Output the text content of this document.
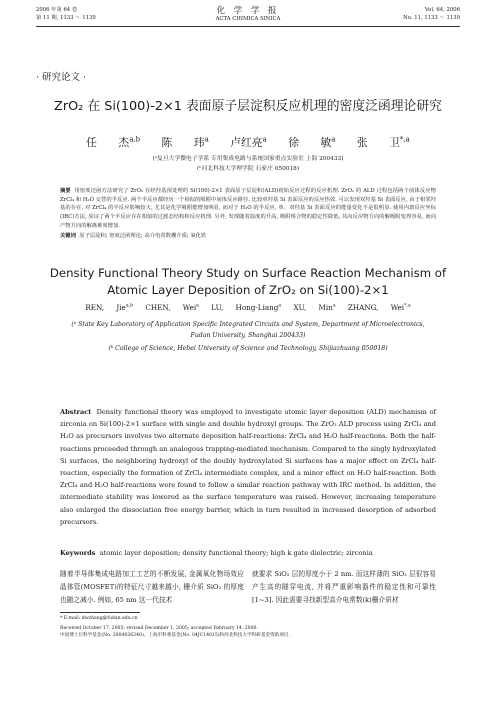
2006 年第 64 卷
第 11 期, 1133 ～ 1139
化 学 学 报
ACTA CHIMICA SINICA
Vol. 64, 2006
No. 11, 1133 ～ 1139
· 研究论文 ·
ZrO₂ 在 Si(100)-2×1 表面原子层淀积反应机理的密度泛函理论研究
任 杰$^{a,b}$ 陈 玮$^a$ 卢红亮$^a$ 徐 敏$^a$ 张 卫$^{*,a}$
(ᵃ复旦大学微电子学系 专用集成电路与系统国家重点实验室 上海 200433)
(ᵇ河北科技大学理学院 石家庄 050018)
摘要 用密度泛函方法研究了 ZrO₂ 在经羟基预处理的 Si(100)-2×1 表面原子层淀积(ALD)初始反应过程的反应机理. ZrO₂ 的 ALD 过程包括两个前体反应物 ZrCl₄ 和 H₂O 交替的半反应. 两个半反应都经历一个相似的吸附中间体反应路径. 比较单羟基 Si 表面反应的反应热效. 可以发现双羟基 Si 表面反应, 由于相邻羟基的存在, 对 ZrCl₄ 的半反应影响较大, 尤其是化学吸附能增加明显, 而对于 H₂O 的半反应, 单、双羟基 Si 表面反应的能量变化不是很明显. 使用内禀反应坐标(IRC)方法, 验证了两个半反应存在相似的过渡态结构和反应机理. 另外, 发现随着温度的升高, 吸附络合物的稳定性降低, 其向反应物方向的解吸附变得容易, 而向产物方向的解离难度增加.
关键词 原子层淀积; 密度泛函理论; 高介电常数栅介质; 氧化锆
Density Functional Theory Study on Surface Reaction Mechanism of
Atomic Layer Deposition of ZrO₂ on Si(100)-2×1
REN, Jie$^{a,b}$ CHEN, Wei$^a$ LU, Hong-Liang$^a$ XU, Min$^a$ ZHANG, Wei$^{*,a}$
(ᵃ State Key Laboratory of Application Specific Integrated Circuits and System, Department of Microelectronics,
Fudan University, Shanghai 200433)
(ᵇ College of Science, Hebei University of Science and Technology, Shijiazhuang 050018)
Abstract Density functional theory was employed to investigate atomic layer deposition (ALD) mechanism of zirconia on Si(100)-2×1 surface with single and double hydroxyl groups. The ZrO₂ ALD process using ZrCl₄ and H₂O as precursors involves two alternate deposition half-reactions: ZrCl₄ and H₂O half-reactions. Both the half-reactions proceeded through an analogous trapping-mediated mechanism. Compared to the singly hydroxylated Si surfaces, the neighboring hydroxyl of the doubly hydroxylated Si surfaces has a major effect on ZrCl₄ half-reaction, especially the formation of ZrCl₄ intermediate complex, and a minor effect on H₂O half-reaction. Both ZrCl₄ and H₂O half-reactions were found to follow a similar reaction pathway with IRC method. In addition, the intermediate stability was lowered as the surface temperature was raised. However, increasing temperature also enlarged the dissociation free energy barrier, which in turn resulted in increased desorption of adsorbed precursors.
Keywords atomic layer deposition; density functional theory; high k gate dielectric; zirconia
随着半导体集成电路加工工艺的不断发展, 金属氧化物场效应晶体管(MOSFET)的特征尺寸越来越小, 栅介质 SiO₂ 的厚度也随之减小. 例如, 65 nm 这一代技术
就要求 SiO₂ 层的厚度小于 2 nm. 而这样薄的 SiO₂ 层很容易产生高的隧穿电流, 并将严重影响器件的稳定性和可靠性[1~3]. 因此需要寻找新型高介电常数(k)栅介质材
* E-mail: dwzhang@fudan.edu.cn
Received October 17, 2005; revised December 1, 2005; accepted February 14, 2006.
中国博士后科学基金(No. 2004036240)、上海市科委基金(No. 04JC14015)和河北科技大学科研基金资助项目.
